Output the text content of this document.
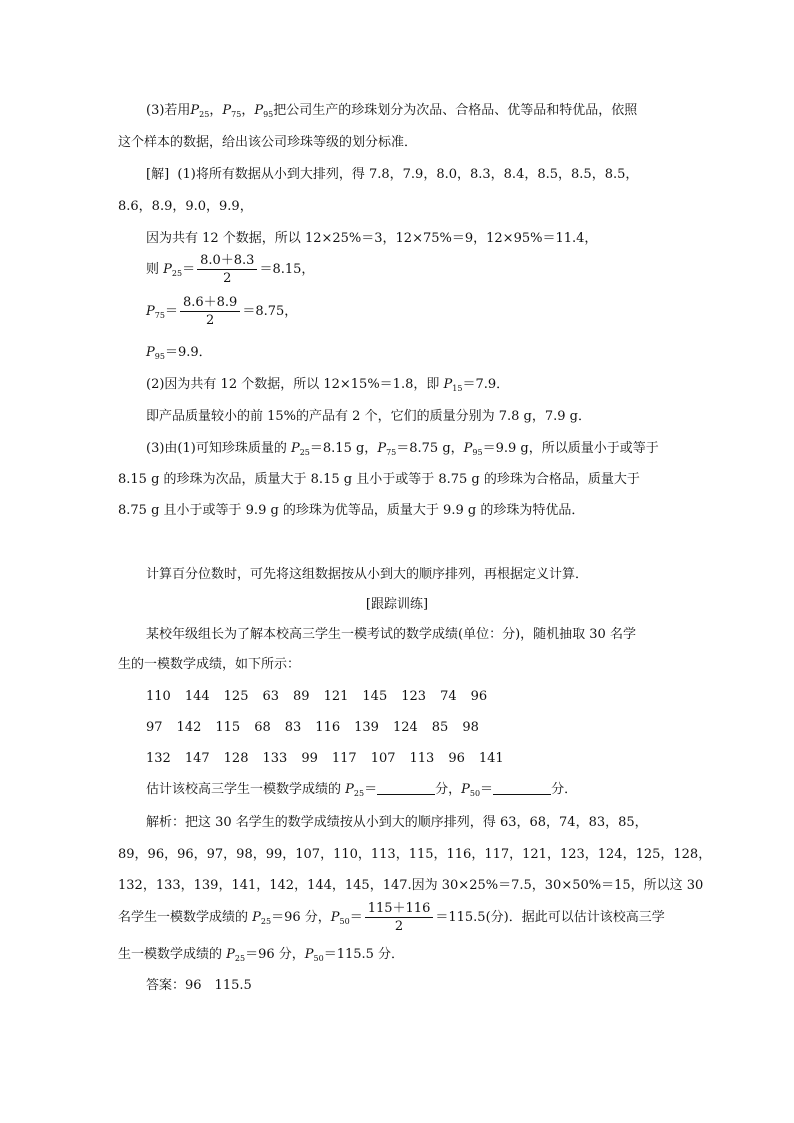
(3)若用$P_{25}$，$P_{75}$，$P_{95}$把公司生产的珍珠划分为次品、合格品、优等品和特优品，依照
这个样本的数据，给出该公司珍珠等级的划分标准．
[解] (1)将所有数据从小到大排列，得 7.8，7.9，8.0，8.3，8.4，8.5，8.5，8.5，
8.6，8.9，9.0，9.9，
因为共有 12 个数据，所以 12×25%＝3，12×75%＝9，12×95%＝11.4，
则 $P_{25}= \frac{8.0+8.3}{2} =8.15$，
$P_{75}= \frac{8.6+8.9}{2} =8.75$，
$P_{95}=9.9$．
(2)因为共有 12 个数据，所以 12×15%＝1.8，即 $P_{15}=7.9$．
即产品质量较小的前 15%的产品有 2 个，它们的质量分别为 7.8 g，7.9 g．
(3)由(1)可知珍珠质量的 $P_{25}=8.15$ g，$P_{75}=8.75$ g，$P_{95}=9.9$ g，所以质量小于或等于
8.15 g 的珍珠为次品，质量大于 8.15 g 且小于或等于 8.75 g 的珍珠为合格品，质量大于
8.75 g 且小于或等于 9.9 g 的珍珠为优等品，质量大于 9.9 g 的珍珠为特优品．
计算百分位数时，可先将这组数据按从小到大的顺序排列，再根据定义计算．
[跟踪训练]
某校年级组长为了解本校高三学生一模考试的数学成绩(单位：分)，随机抽取 30 名学
生的一模数学成绩，如下所示：
110 144 125 63 89 121 145 123 74 96
97 142 115 68 83 116 139 124 85 98
132 147 128 133 99 117 107 113 96 141
估计该校高三学生一模数学成绩的 $P_{25}=$	分，$P_{50}=$	分．
解析：把这 30 名学生的数学成绩按从小到大的顺序排列，得 63，68，74，83，85，
89，96，96，97，98，99，107，110，113，115，116，117，121，123，124，125，128，
132，133，139，141，142，144，145，147.因为 30×25%＝7.5，30×50%＝15，所以这 30
名学生一模数学成绩的 $P_{25}=96$ 分，$P_{50}= \frac{115+116}{2} =115.5$(分)．据此可以估计该校高三学
生一模数学成绩的 $P_{25}=96$ 分，$P_{50}=115.5$ 分．
答案：96　115.5
